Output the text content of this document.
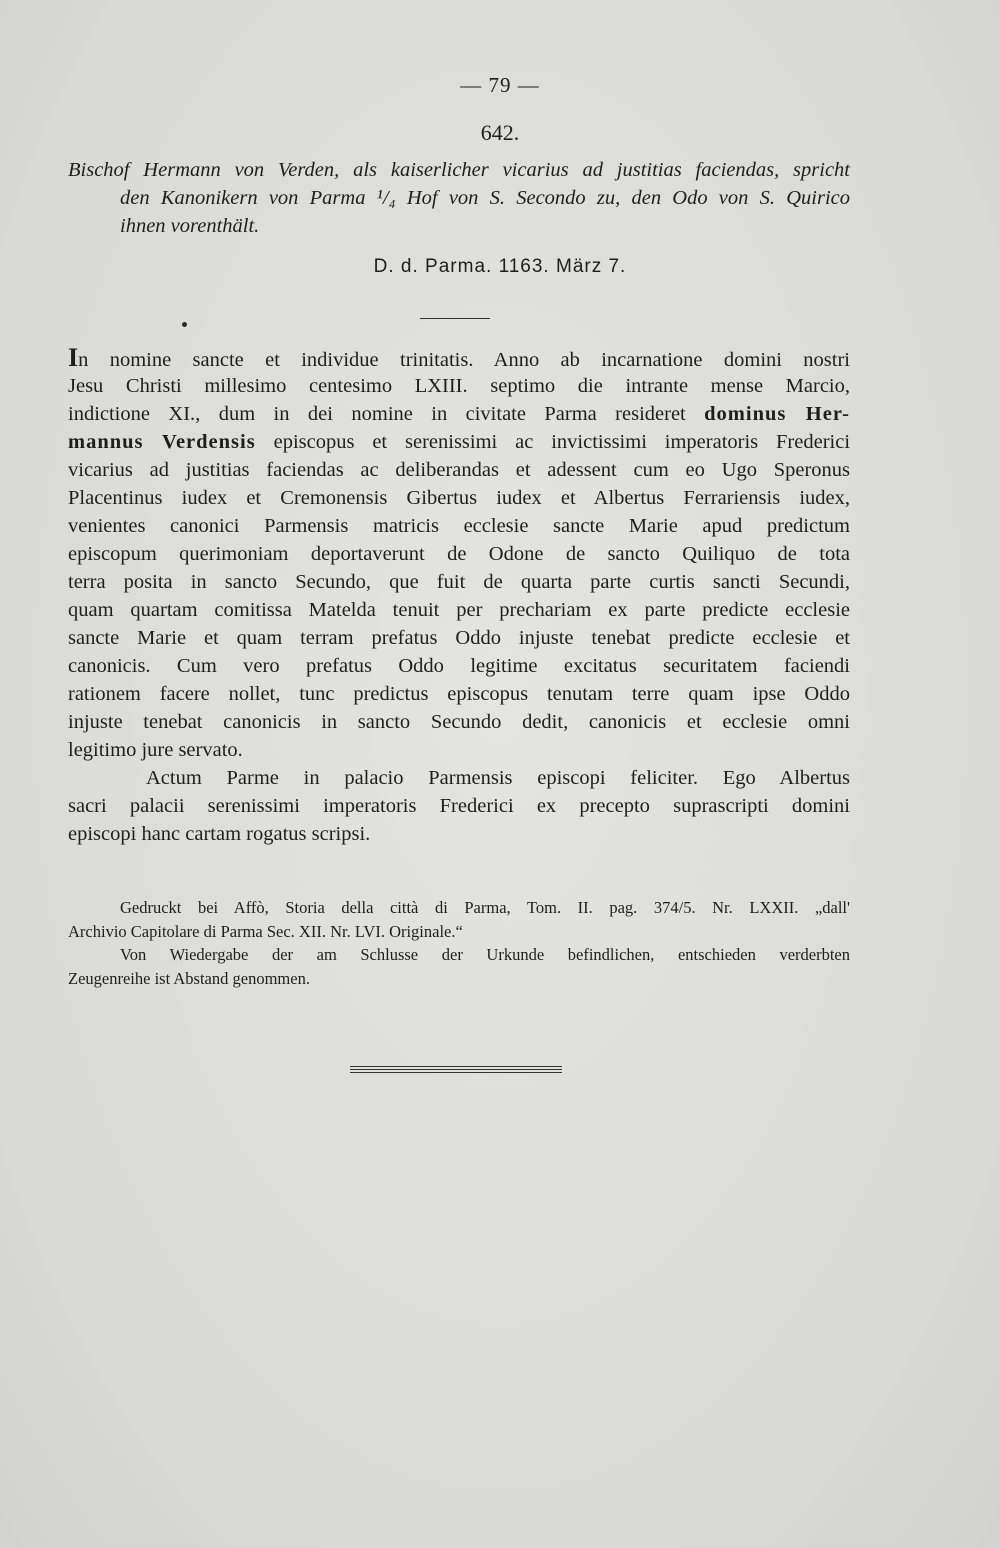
— 79 —
642.
Bischof Hermann von Verden, als kaiserlicher vicarius ad justitias faciendas, spricht
den Kanonikern von Parma ¹/₄ Hof von S. Secondo zu, den Odo von S. Quirico
ihnen vorenthält.
D. d. Parma. 1163. März 7.
In nomine sancte et individue trinitatis. Anno ab incarnatione domini nostri
Jesu Christi millesimo centesimo LXIII. septimo die intrante mense Marcio,
indictione XI., dum in dei nomine in civitate Parma resideret dominus Her-
mannus Verdensis episcopus et serenissimi ac invictissimi imperatoris Frederici
vicarius ad justitias faciendas ac deliberandas et adessent cum eo Ugo Speronus
Placentinus iudex et Cremonensis Gibertus iudex et Albertus Ferrariensis iudex,
venientes canonici Parmensis matricis ecclesie sancte Marie apud predictum
episcopum querimoniam deportaverunt de Odone de sancto Quiliquo de tota
terra posita in sancto Secundo, que fuit de quarta parte curtis sancti Secundi,
quam quartam comitissa Matelda tenuit per prechariam ex parte predicte ecclesie
sancte Marie et quam terram prefatus Oddo injuste tenebat predicte ecclesie et
canonicis. Cum vero prefatus Oddo legitime excitatus securitatem faciendi
rationem facere nollet, tunc predictus episcopus tenutam terre quam ipse Oddo
injuste tenebat canonicis in sancto Secundo dedit, canonicis et ecclesie omni
legitimo jure servato.
Actum Parme in palacio Parmensis episcopi feliciter. Ego Albertus
sacri palacii serenissimi imperatoris Frederici ex precepto suprascripti domini
episcopi hanc cartam rogatus scripsi.
Gedruckt bei Affò, Storia della città di Parma, Tom. II. pag. 374/5. Nr. LXXII. „dall'
Archivio Capitolare di Parma Sec. XII. Nr. LVI. Originale.“
Von Wiedergabe der am Schlusse der Urkunde befindlichen, entschieden verderbten
Zeugenreihe ist Abstand genommen.
